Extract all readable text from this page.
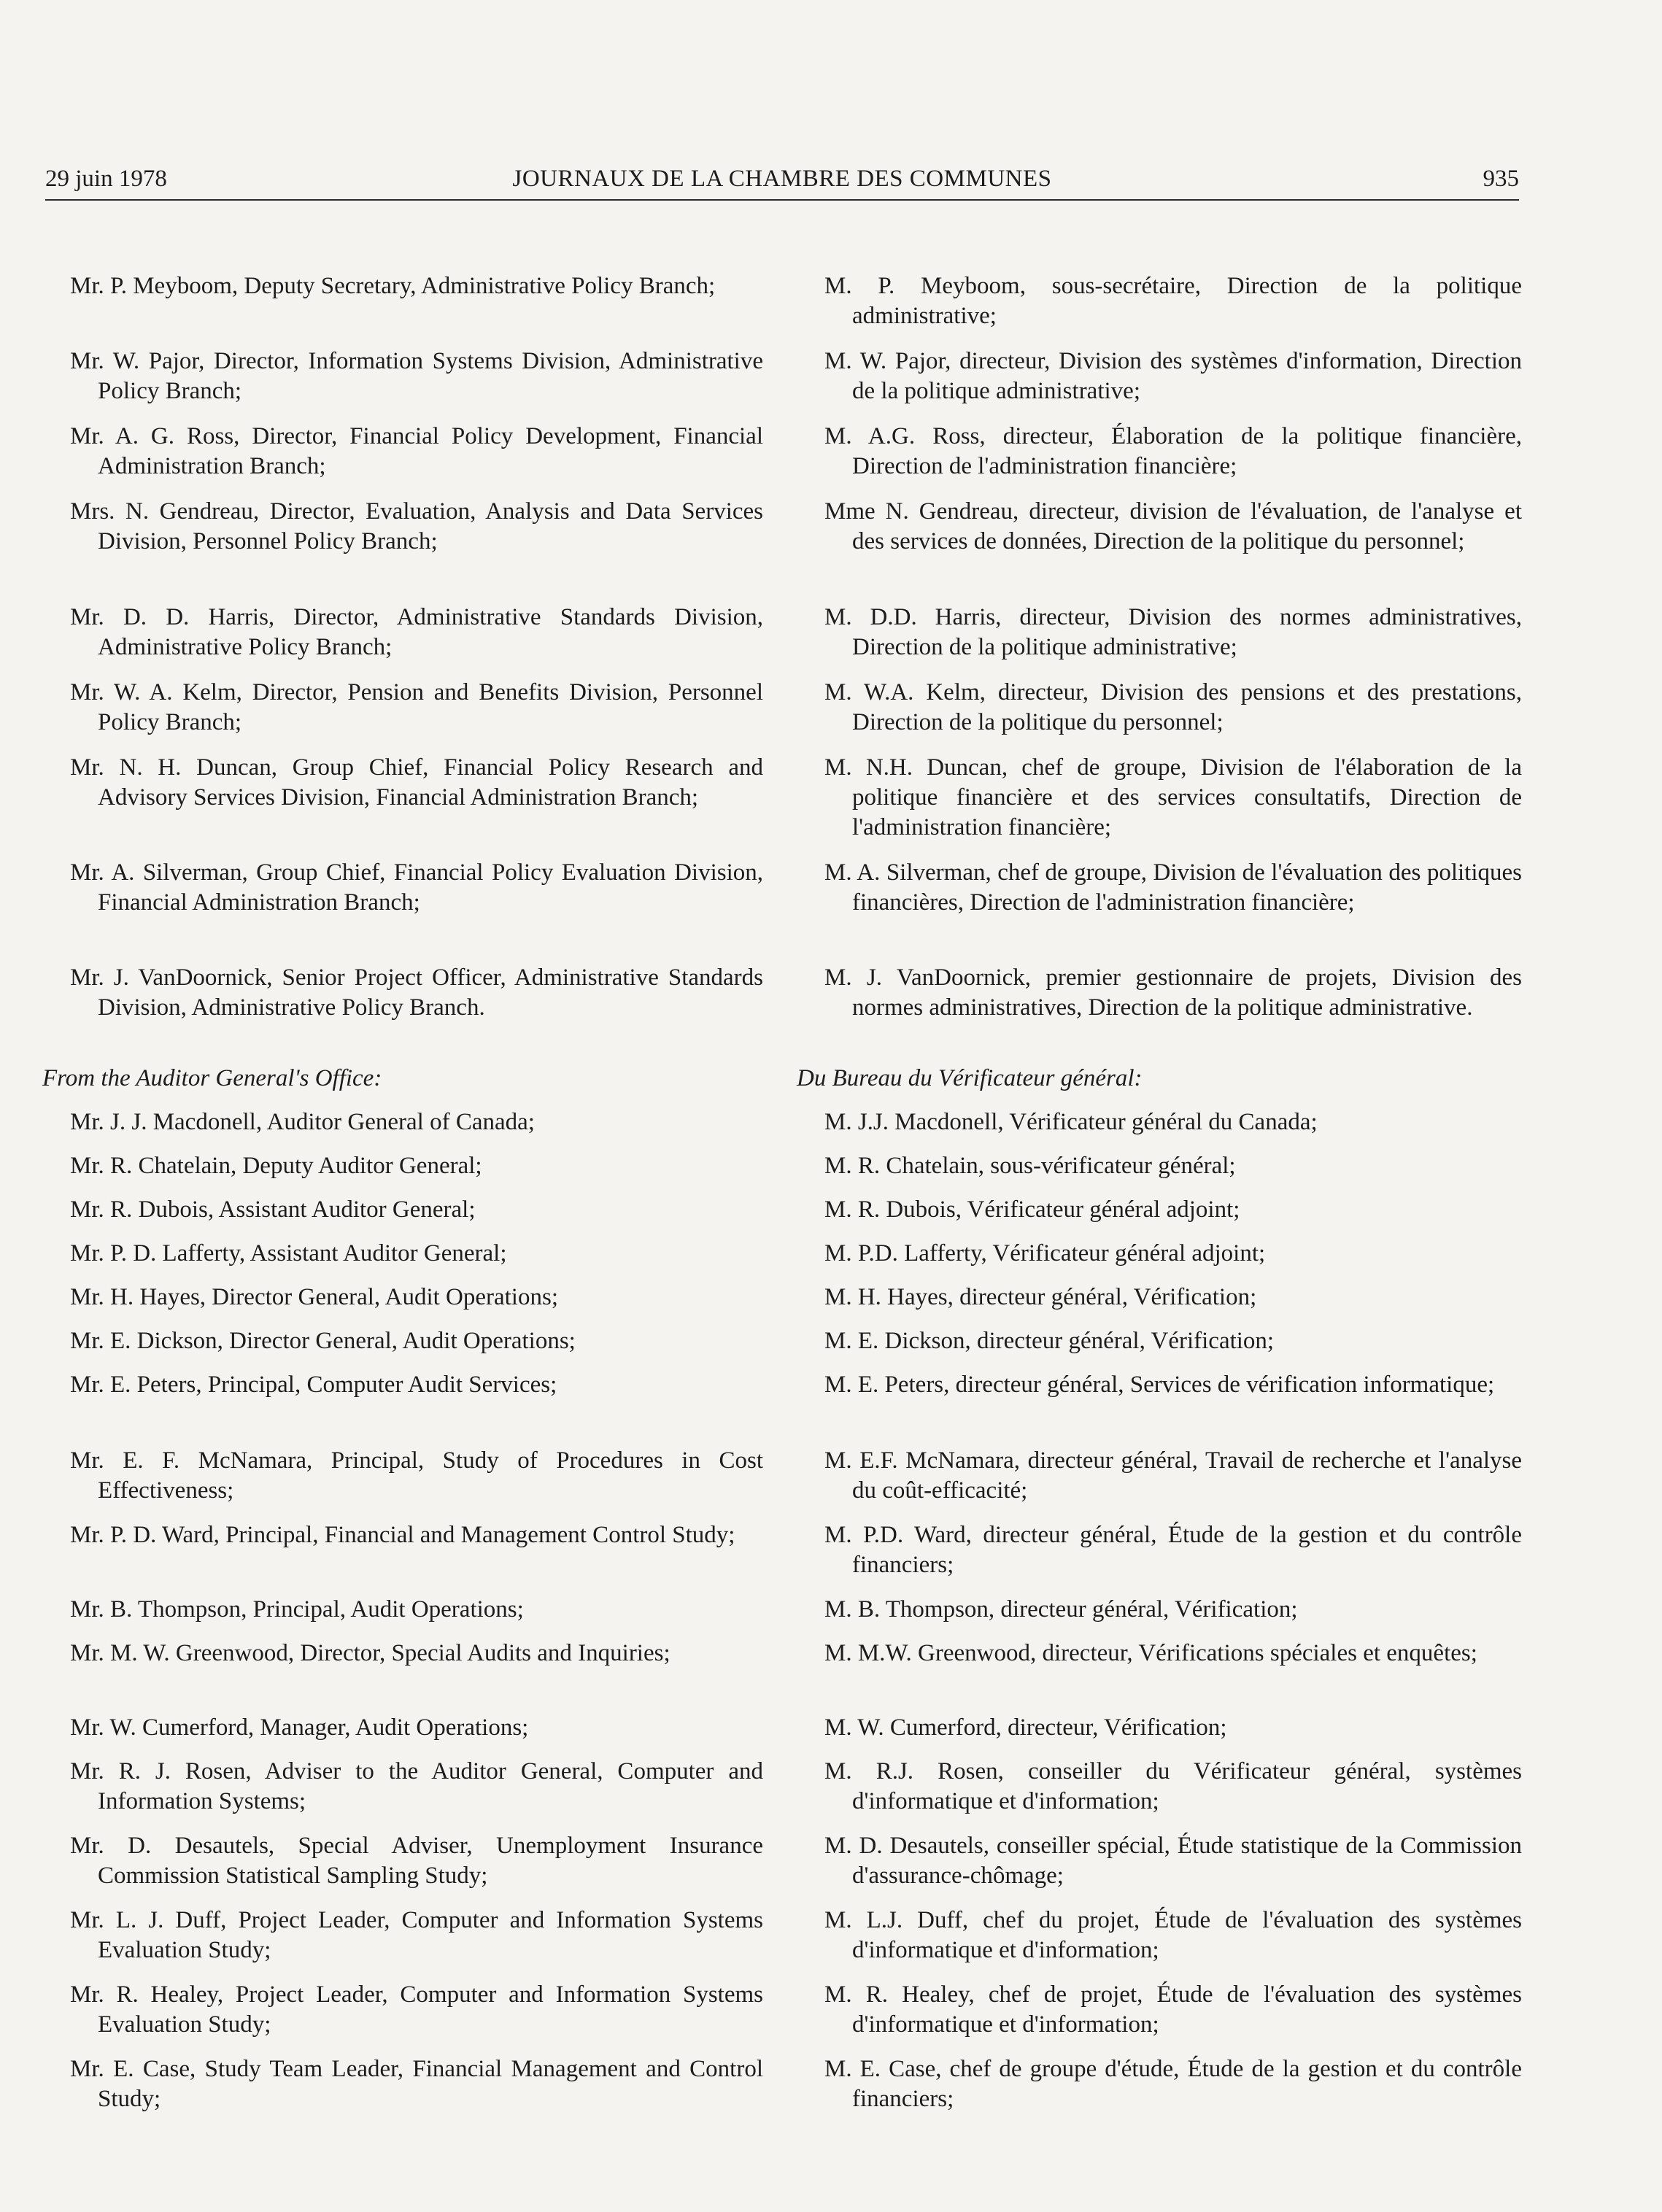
29 juin 1978	JOURNAUX DE LA CHAMBRE DES COMMUNES	935

Mr. P. Meyboom, Deputy Secretary, Administrative Policy Branch;

Mr. W. Pajor, Director, Information Systems Division, Administrative Policy Branch;

Mr. A. G. Ross, Director, Financial Policy Development, Financial Administration Branch;

Mrs. N. Gendreau, Director, Evaluation, Analysis and Data Services Division, Personnel Policy Branch;

Mr. D. D. Harris, Director, Administrative Standards Division, Administrative Policy Branch;

Mr. W. A. Kelm, Director, Pension and Benefits Division, Personnel Policy Branch;

Mr. N. H. Duncan, Group Chief, Financial Policy Research and Advisory Services Division, Financial Administration Branch;

Mr. A. Silverman, Group Chief, Financial Policy Evaluation Division, Financial Administration Branch;

Mr. J. VanDoornick, Senior Project Officer, Administrative Standards Division, Administrative Policy Branch.

From the Auditor General's Office:

Mr. J. J. Macdonell, Auditor General of Canada;

Mr. R. Chatelain, Deputy Auditor General;

Mr. R. Dubois, Assistant Auditor General;

Mr. P. D. Lafferty, Assistant Auditor General;

Mr. H. Hayes, Director General, Audit Operations;

Mr. E. Dickson, Director General, Audit Operations;

Mr. E. Peters, Principal, Computer Audit Services;

Mr. E. F. McNamara, Principal, Study of Procedures in Cost Effectiveness;

Mr. P. D. Ward, Principal, Financial and Management Control Study;

Mr. B. Thompson, Principal, Audit Operations;

Mr. M. W. Greenwood, Director, Special Audits and Inquiries;

Mr. W. Cumerford, Manager, Audit Operations;

Mr. R. J. Rosen, Adviser to the Auditor General, Computer and Information Systems;

Mr. D. Desautels, Special Adviser, Unemployment Insurance Commission Statistical Sampling Study;

Mr. L. J. Duff, Project Leader, Computer and Information Systems Evaluation Study;

Mr. R. Healey, Project Leader, Computer and Information Systems Evaluation Study;

Mr. E. Case, Study Team Leader, Financial Management and Control Study;

M. P. Meyboom, sous-secrétaire, Direction de la politique administrative;

M. W. Pajor, directeur, Division des systèmes d'information, Direction de la politique administrative;

M. A.G. Ross, directeur, Élaboration de la politique financière, Direction de l'administration financière;

Mme N. Gendreau, directeur, division de l'évaluation, de l'analyse et des services de données, Direction de la politique du personnel;

M. D.D. Harris, directeur, Division des normes administratives, Direction de la politique administrative;

M. W.A. Kelm, directeur, Division des pensions et des prestations, Direction de la politique du personnel;

M. N.H. Duncan, chef de groupe, Division de l'élaboration de la politique financière et des services consultatifs, Direction de l'administration financière;

M. A. Silverman, chef de groupe, Division de l'évaluation des politiques financières, Direction de l'administration financière;

M. J. VanDoornick, premier gestionnaire de projets, Division des normes administratives, Direction de la politique administrative.

Du Bureau du Vérificateur général:

M. J.J. Macdonell, Vérificateur général du Canada;

M. R. Chatelain, sous-vérificateur général;

M. R. Dubois, Vérificateur général adjoint;

M. P.D. Lafferty, Vérificateur général adjoint;

M. H. Hayes, directeur général, Vérification;

M. E. Dickson, directeur général, Vérification;

M. E. Peters, directeur général, Services de vérification informatique;

M. E.F. McNamara, directeur général, Travail de recherche et l'analyse du coût-efficacité;

M. P.D. Ward, directeur général, Étude de la gestion et du contrôle financiers;

M. B. Thompson, directeur général, Vérification;

M. M.W. Greenwood, directeur, Vérifications spéciales et enquêtes;

M. W. Cumerford, directeur, Vérification;

M. R.J. Rosen, conseiller du Vérificateur général, systèmes d'informatique et d'information;

M. D. Desautels, conseiller spécial, Étude statistique de la Commission d'assurance-chômage;

M. L.J. Duff, chef du projet, Étude de l'évaluation des systèmes d'informatique et d'information;

M. R. Healey, chef de projet, Étude de l'évaluation des systèmes d'informatique et d'information;

M. E. Case, chef de groupe d'étude, Étude de la gestion et du contrôle financiers;
